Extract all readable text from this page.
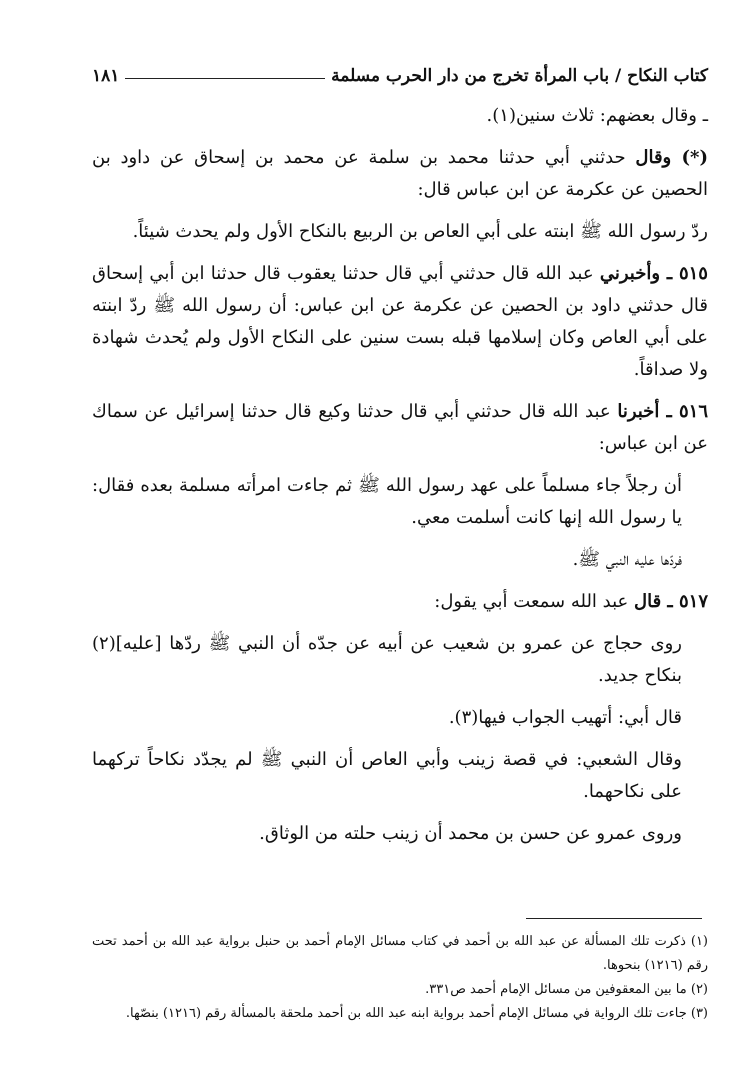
كتاب النكاح / باب المرأة تخرج من دار الحرب مسلمة
١٨١

ـ وقال بعضهم: ثلاث سنين(١).

(*) وقال حدثني أبي حدثنا محمد بن سلمة عن محمد بن إسحاق عن داود بن الحصين عن عكرمة عن ابن عباس قال:

ردّ رسول الله ﷺ ابنته على أبي العاص بن الربيع بالنكاح الأول ولم يحدث شيئاً.

٥١٥ ـ وأخبرني عبد الله قال حدثني أبي قال حدثنا يعقوب قال حدثنا ابن أبي إسحاق قال حدثني داود بن الحصين عن عكرمة عن ابن عباس: أن رسول الله ﷺ ردّ ابنته على أبي العاص وكان إسلامها قبله بست سنين على النكاح الأول ولم يُحدث شهادة ولا صداقاً.

٥١٦ ـ أخبرنا عبد الله قال حدثني أبي قال حدثنا وكيع قال حدثنا إسرائيل عن سماك عن ابن عباس:

أن رجلاً جاء مسلماً على عهد رسول الله ﷺ ثم جاءت امرأته مسلمة بعده فقال: يا رسول الله إنها كانت أسلمت معي.

فردّها عليه النبي ﷺ.

٥١٧ ـ قال عبد الله سمعت أبي يقول:

روى حجاج عن عمرو بن شعيب عن أبيه عن جدّه أن النبي ﷺ ردّها [عليه](٢) بنكاح جديد.

قال أبي: أتهيب الجواب فيها(٣).

وقال الشعبي: في قصة زينب وأبي العاص أن النبي ﷺ لم يجدّد نكاحاً تركهما على نكاحهما.

وروى عمرو عن حسن بن محمد أن زينب حلته من الوثاق.

(١) ذكرت تلك المسألة عن عبد الله بن أحمد في كتاب مسائل الإمام أحمد بن حنبل برواية عبد الله بن أحمد تحت رقم (١٢١٦) بنحوها.

(٢) ما بين المعقوفين من مسائل الإمام أحمد ص٣٣١.

(٣) جاءت تلك الرواية في مسائل الإمام أحمد برواية ابنه عبد الله بن أحمد ملحقة بالمسألة رقم (١٢١٦) بنصّها.
